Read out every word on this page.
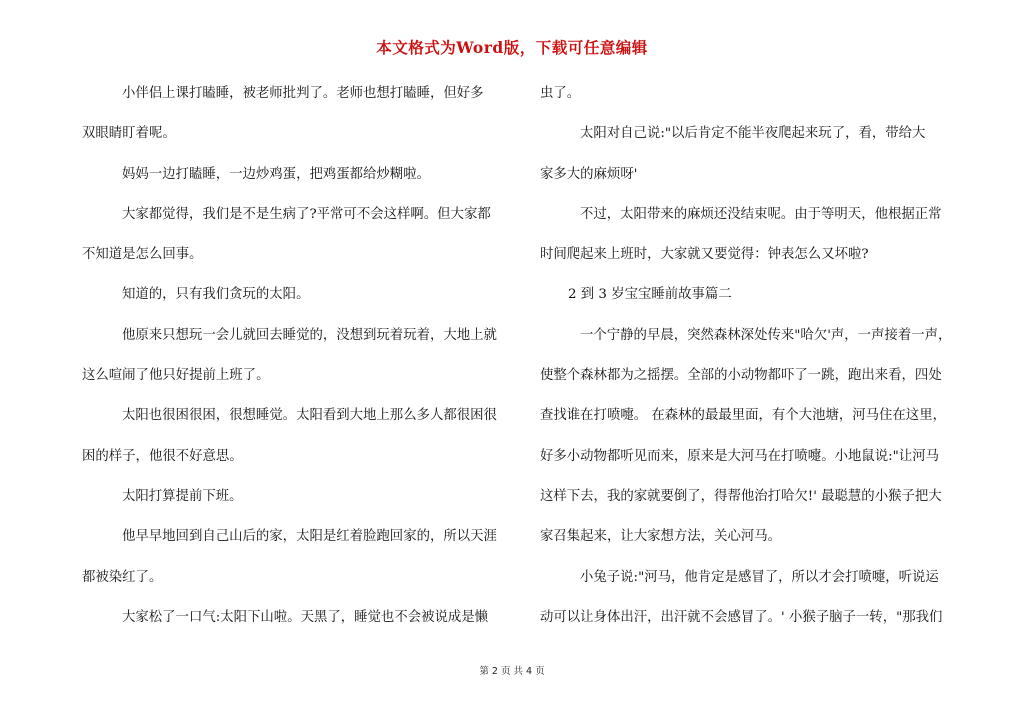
本文格式为Word版，下载可任意编辑
小伴侣上课打瞌睡，被老师批判了。老师也想打瞌睡，但好多
双眼睛盯着呢。
妈妈一边打瞌睡，一边炒鸡蛋，把鸡蛋都给炒糊啦。
大家都觉得，我们是不是生病了?平常可不会这样啊。但大家都
不知道是怎么回事。
知道的，只有我们贪玩的太阳。
他原来只想玩一会儿就回去睡觉的，没想到玩着玩着，大地上就
这么喧闹了他只好提前上班了。
太阳也很困很困，很想睡觉。太阳看到大地上那么多人都很困很
困的样子，他很不好意思。
太阳打算提前下班。
他早早地回到自己山后的家，太阳是红着脸跑回家的，所以天涯
都被染红了。
大家松了一口气:太阳下山啦。天黑了，睡觉也不会被说成是懒
虫了。
太阳对自己说:"以后肯定不能半夜爬起来玩了，看，带给大
家多大的麻烦呀'
不过，太阳带来的麻烦还没结束呢。由于等明天，他根据正常
时间爬起来上班时，大家就又要觉得：钟表怎么又坏啦?
2 到 3 岁宝宝睡前故事篇二
一个宁静的早晨，突然森林深处传来"哈欠'声，一声接着一声，
使整个森林都为之摇摆。全部的小动物都吓了一跳，跑出来看，四处
查找谁在打喷嚏。 在森林的最最里面，有个大池塘，河马住在这里，
好多小动物都听见而来，原来是大河马在打喷嚏。小地鼠说:"让河马
这样下去，我的家就要倒了，得帮他治打哈欠!' 最聪慧的小猴子把大
家召集起来，让大家想方法，关心河马。
小兔子说:"河马，他肯定是感冒了，所以才会打喷嚏，听说运
动可以让身体出汗，出汗就不会感冒了。' 小猴子脑子一转，"那我们
第 2 页 共 4 页
